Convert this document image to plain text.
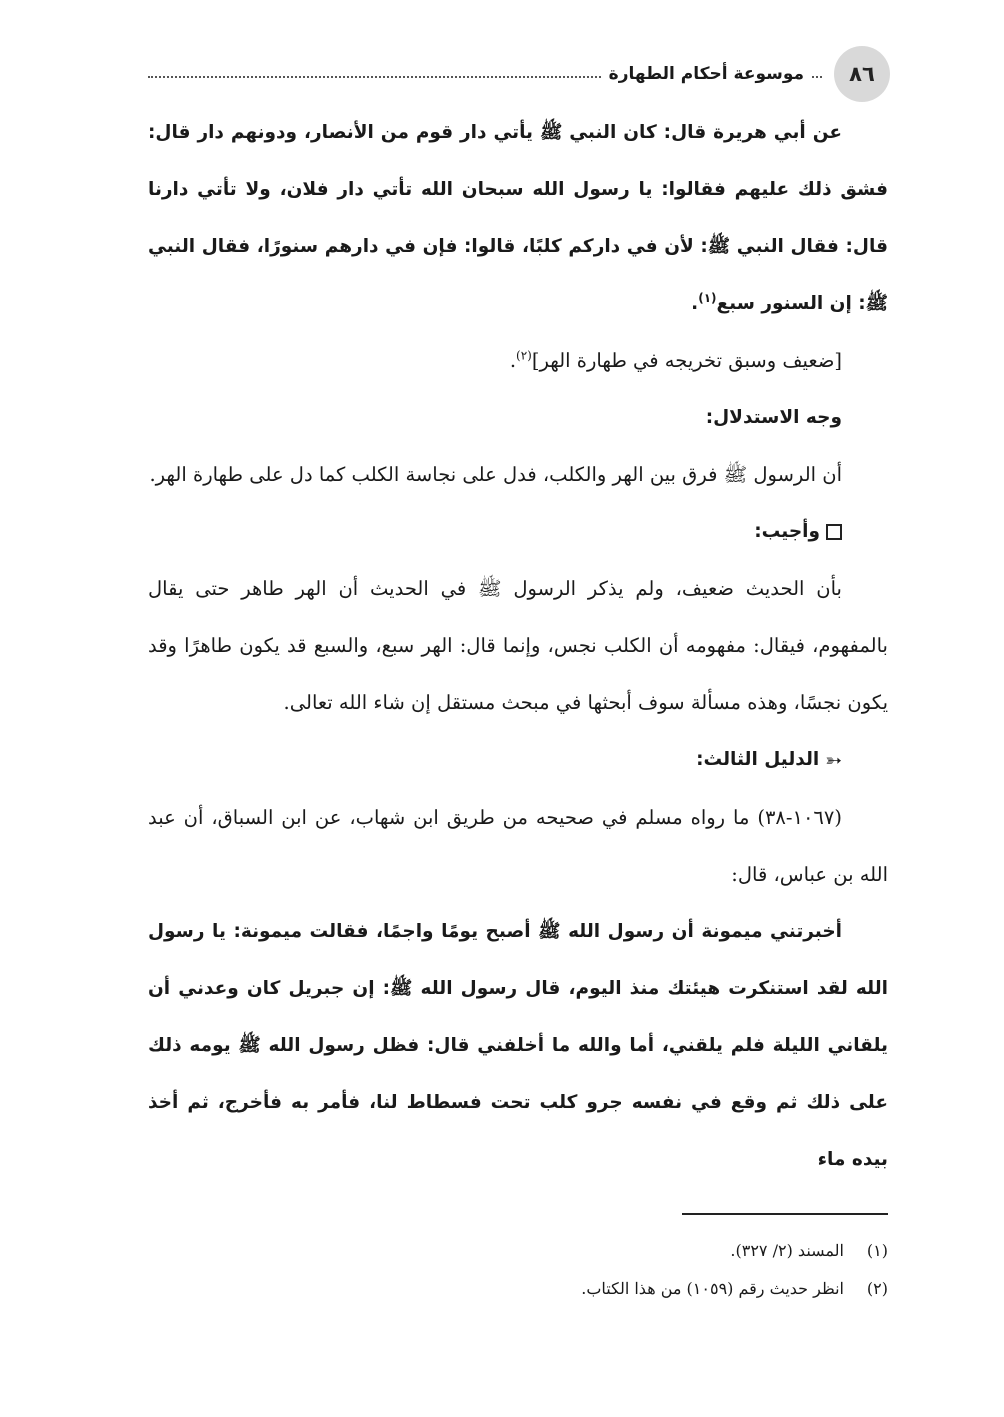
٨٦
موسوعة أحكام الطهارة

عن أبي هريرة قال: كان النبي ﷺ يأتي دار قوم من الأنصار، ودونهم دار قال: فشق ذلك عليهم فقالوا: يا رسول الله سبحان الله تأتي دار فلان، ولا تأتي دارنا قال: فقال النبي ﷺ: لأن في داركم كلبًا، قالوا: فإن في دارهم سنورًا، فقال النبي ﷺ: إن السنور سبع$^{(١)}$.

[ضعيف وسبق تخريجه في طهارة الهر]$^{(٢)}$.

وجه الاستدلال:

أن الرسول ﷺ فرق بين الهر والكلب، فدل على نجاسة الكلب كما دل على طهارة الهر.

وأجيب:

بأن الحديث ضعيف، ولم يذكر الرسول ﷺ في الحديث أن الهر طاهر حتى يقال بالمفهوم، فيقال: مفهومه أن الكلب نجس، وإنما قال: الهر سبع، والسبع قد يكون طاهرًا وقد يكون نجسًا، وهذه مسألة سوف أبحثها في مبحث مستقل إن شاء الله تعالى.

➳الدليل الثالث:

(١٠٦٧-٣٨) ما رواه مسلم في صحيحه من طريق ابن شهاب، عن ابن السباق، أن عبد الله بن عباس، قال:

أخبرتني ميمونة أن رسول الله ﷺ أصبح يومًا واجمًا، فقالت ميمونة: يا رسول الله لقد استنكرت هيئتك منذ اليوم، قال رسول الله ﷺ: إن جبريل كان وعدني أن يلقاني الليلة فلم يلقني، أما والله ما أخلفني قال: فظل رسول الله ﷺ يومه ذلك على ذلك ثم وقع في نفسه جرو كلب تحت فسطاط لنا، فأمر به فأخرج، ثم أخذ بيده ماء

(١)المسند (٢/ ٣٢٧).

(٢)انظر حديث رقم (١٠٥٩) من هذا الكتاب.
